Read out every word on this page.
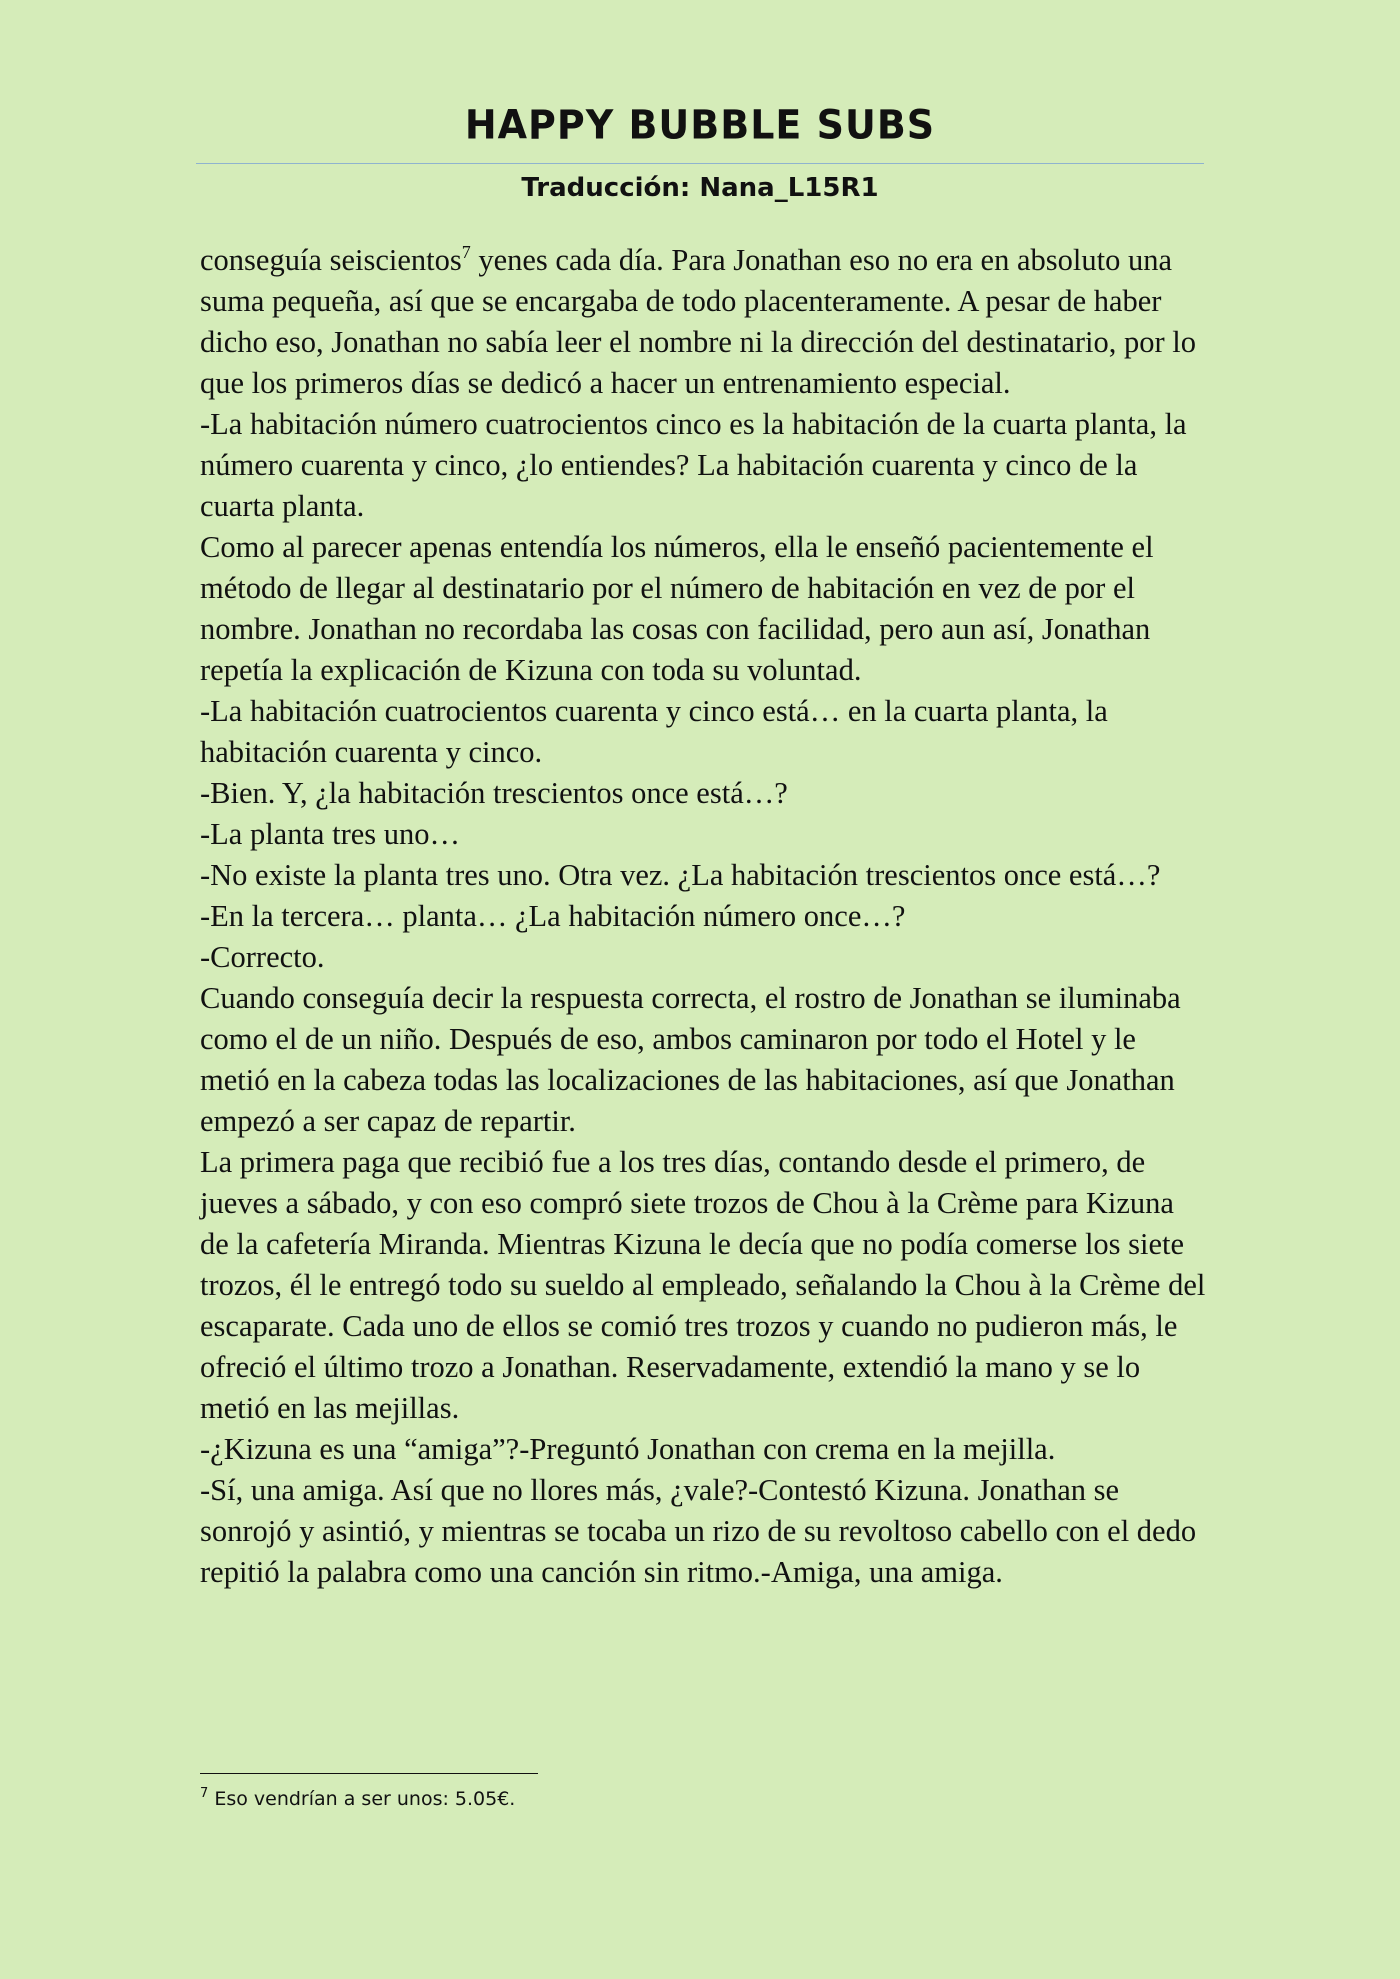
HAPPY BUBBLE SUBS
Traducción: Nana_L15R1

conseguía seiscientos$^7$ yenes cada día. Para Jonathan eso no era en absoluto una suma pequeña, así que se encargaba de todo placenteramente. A pesar de haber dicho eso, Jonathan no sabía leer el nombre ni la dirección del destinatario, por lo que los primeros días se dedicó a hacer un entrenamiento especial.

-La habitación número cuatrocientos cinco es la habitación de la cuarta planta, la número cuarenta y cinco, ¿lo entiendes? La habitación cuarenta y cinco de la cuarta planta.

Como al parecer apenas entendía los números, ella le enseñó pacientemente el método de llegar al destinatario por el número de habitación en vez de por el nombre. Jonathan no recordaba las cosas con facilidad, pero aun así, Jonathan repetía la explicación de Kizuna con toda su voluntad.

-La habitación cuatrocientos cuarenta y cinco está… en la cuarta planta, la habitación cuarenta y cinco.

-Bien. Y, ¿la habitación trescientos once está…?

-La planta tres uno…

-No existe la planta tres uno. Otra vez. ¿La habitación trescientos once está…?

-En la tercera… planta… ¿La habitación número once…?

-Correcto.

Cuando conseguía decir la respuesta correcta, el rostro de Jonathan se iluminaba como el de un niño. Después de eso, ambos caminaron por todo el Hotel y le metió en la cabeza todas las localizaciones de las habitaciones, así que Jonathan empezó a ser capaz de repartir.

La primera paga que recibió fue a los tres días, contando desde el primero, de jueves a sábado, y con eso compró siete trozos de Chou à la Crème para Kizuna de la cafetería Miranda. Mientras Kizuna le decía que no podía comerse los siete trozos, él le entregó todo su sueldo al empleado, señalando la Chou à la Crème del escaparate. Cada uno de ellos se comió tres trozos y cuando no pudieron más, le ofreció el último trozo a Jonathan. Reservadamente, extendió la mano y se lo metió en las mejillas.

-¿Kizuna es una “amiga”?-Preguntó Jonathan con crema en la mejilla.

-Sí, una amiga. Así que no llores más, ¿vale?-Contestó Kizuna. Jonathan se sonrojó y asintió, y mientras se tocaba un rizo de su revoltoso cabello con el dedo repitió la palabra como una canción sin ritmo.-Amiga, una amiga.

$^7$ Eso vendrían a ser unos: 5.05€.
